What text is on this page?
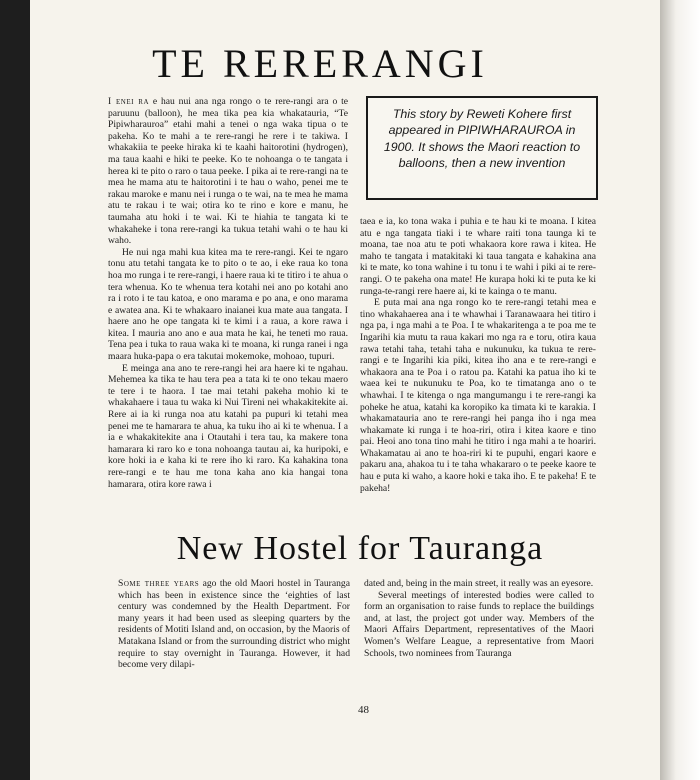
TE RERERANGI
This story by Reweti Kohere first appeared in PIPIWHARAUROA in 1900. It shows the Maori reaction to balloons, then a new invention

I enei ra e hau nui ana nga rongo o te rere-rangi ara o te paruunu (balloon), he mea tika pea kia whakatauria, “Te Pipiwharauroa” etahi mahi a tenei o nga waka tipua o te pakeha. Ko te mahi a te rere-rangi he rere i te takiwa. I whakakiia te peeke hiraka ki te kaahi haitorotini (hydrogen), ma taua kaahi e hiki te peeke. Ko te nohoanga o te tangata i herea ki te pito o raro o taua peeke. I pika ai te rere-rangi na te mea he mama atu te haitorotini i te hau o waho, penei me te rakau maroke e manu nei i runga o te wai, na te mea he mama atu te rakau i te wai; otira ko te rino e kore e manu, he taumaha atu hoki i te wai. Ki te hiahia te tangata ki te whakaheke i tona rere-rangi ka tukua tetahi wahi o te hau ki waho.

He nui nga mahi kua kitea ma te rere-rangi. Kei te ngaro tonu atu tetahi tangata ke to pito o te ao, i eke raua ko tona hoa mo runga i te rere-rangi, i haere raua ki te titiro i te ahua o tera whenua. Ko te whenua tera kotahi nei ano po kotahi ano ra i roto i te tau katoa, e ono marama e po ana, e ono marama e awatea ana. Ki te whakaaro inaianei kua mate aua tangata. I haere ano he ope tangata ki te kimi i a raua, a kore rawa i kitea. I mauria ano ano e aua mata he kai, he teneti mo raua. Tena pea i tuka to raua waka ki te moana, ki runga ranei i nga maara huka-papa o era takutai mokemoke, mohoao, tupuri.

E meinga ana ano te rere-rangi hei ara haere ki te ngahau. Mehemea ka tika te hau tera pea a tata ki te ono tekau maero te tere i te haora. I tae mai tetahi pakeha mohio ki te whakahaere i taua tu waka ki Nui Tireni nei whakakitekite ai. Rere ai ia ki runga noa atu katahi pa pupuri ki tetahi mea penei me te hamarara te ahua, ka tuku iho ai ki te whenua. I a ia e whakakitekite ana i Otautahi i tera tau, ka makere tona hamarara ki raro ko e tona nohoanga tautau ai, ka huripoki, e kore hoki ia e kaha ki te rere iho ki raro. Ka kahakina tona rere-rangi e te hau me tona kaha ano kia hangai tona hamarara, otira kore rawa i

taea e ia, ko tona waka i puhia e te hau ki te moana. I kitea atu e nga tangata tiaki i te whare raiti tona taunga ki te moana, tae noa atu te poti whakaora kore rawa i kitea. He maho te tangata i matakitaki ki taua tangata e kahakina ana ki te mate, ko tona wahine i tu tonu i te wahi i piki ai te rere-rangi. O te pakeha ona mate! He kurapa hoki ki te puta ke ki runga-te-rangi rere haere ai, ki te kainga o te manu.

E puta mai ana nga rongo ko te rere-rangi tetahi mea e tino whakahaerea ana i te whawhai i Taranawaara hei titiro i nga pa, i nga mahi a te Poa. I te whakaritenga a te poa me te Ingarihi kia mutu ta raua kakari mo nga ra e toru, otira kaua rawa tetahi taha, tetahi taha e nukunuku, ka tukua te rere-rangi e te Ingarihi kia piki, kitea iho ana e te rere-rangi e whakaora ana te Poa i o ratou pa. Katahi ka patua iho ki te waea kei te nukunuku te Poa, ko te timatanga ano o te whawhai. I te kitenga o nga mangumangu i te rere-rangi ka poheke he atua, katahi ka koropiko ka timata ki te karakia. I whakamatauria ano te rere-rangi hei panga iho i nga mea whakamate ki runga i te hoa-riri, otira i kitea kaore e tino pai. Heoi ano tona tino mahi he titiro i nga mahi a te hoariri. Whakamatau ai ano te hoa-riri ki te pupuhi, engari kaore e pakaru ana, ahakoa tu i te taha whakararo o te peeke kaore te hau e puta ki waho, a kaore hoki e taka iho. E te pakeha! E te pakeha!

New Hostel for Tauranga

Some three years ago the old Maori hostel in Tauranga which has been in existence since the ‘eighties of last century was condemned by the Health Department. For many years it had been used as sleeping quarters by the residents of Motiti Island and, on occasion, by the Maoris of Matakana Island or from the surrounding district who might require to stay overnight in Tauranga. However, it had become very dilapi-

dated and, being in the main street, it really was an eyesore.

Several meetings of interested bodies were called to form an organisation to raise funds to replace the buildings and, at last, the project got under way. Members of the Maori Affairs Department, representatives of the Maori Women’s Welfare League, a representative from Maori Schools, two nominees from Tauranga

48
